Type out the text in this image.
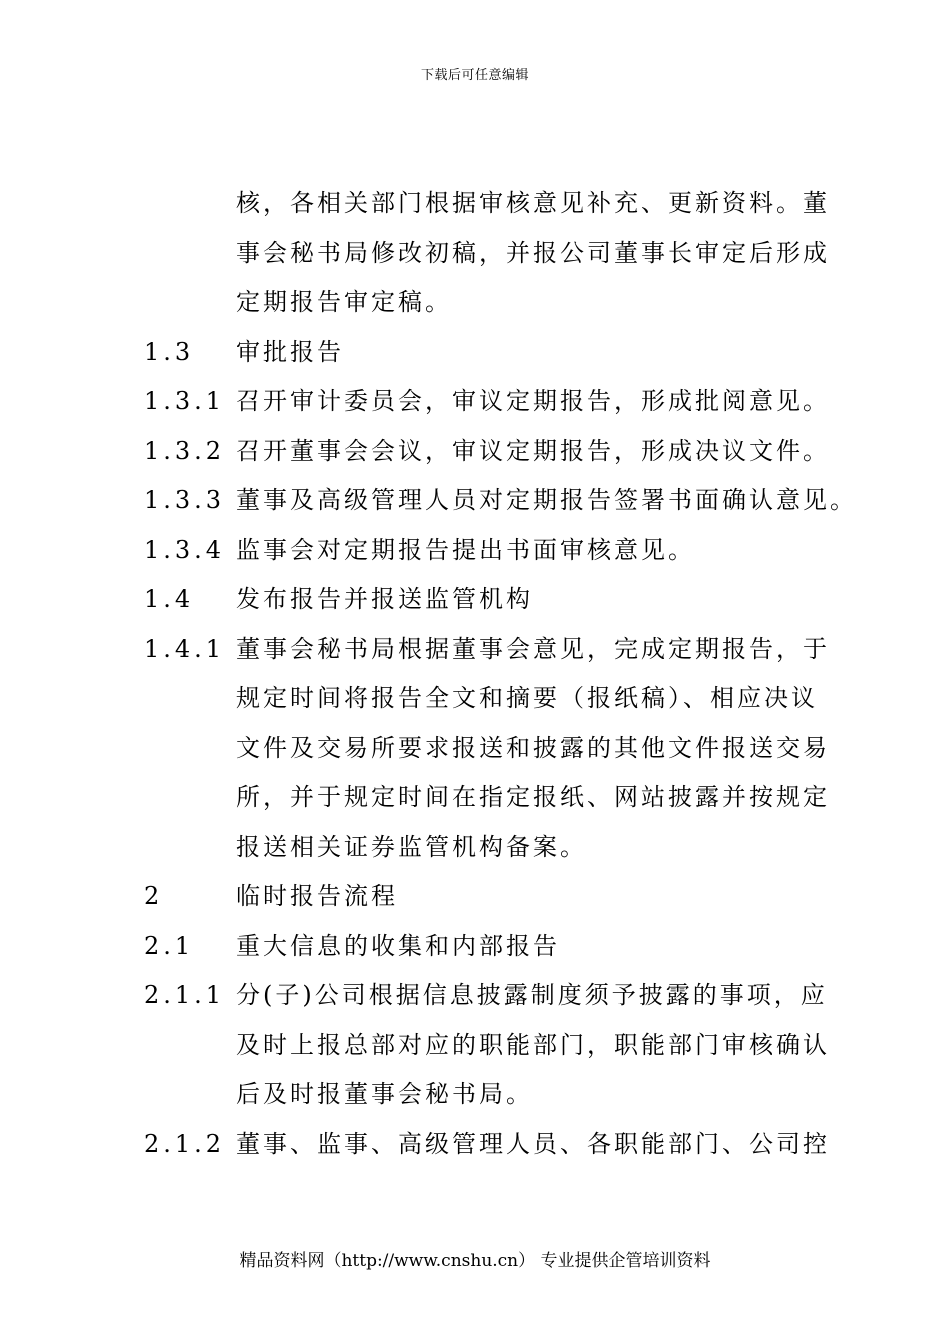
下载后可任意编辑
核，各相关部门根据审核意见补充、更新资料。董
事会秘书局修改初稿，并报公司董事长审定后形成
定期报告审定稿。
1.3 审批报告
1.3.1 召开审计委员会，审议定期报告，形成批阅意见。
1.3.2 召开董事会会议，审议定期报告，形成决议文件。
1.3.3 董事及高级管理人员对定期报告签署书面确认意见。
1.3.4 监事会对定期报告提出书面审核意见。
1.4 发布报告并报送监管机构
1.4.1 董事会秘书局根据董事会意见，完成定期报告，于
规定时间将报告全文和摘要（报纸稿）、相应决议
文件及交易所要求报送和披露的其他文件报送交易
所，并于规定时间在指定报纸、网站披露并按规定
报送相关证券监管机构备案。
2	临时报告流程
2.1 重大信息的收集和内部报告
2.1.1 分(子)公司根据信息披露制度须予披露的事项，应
及时上报总部对应的职能部门，职能部门审核确认
后及时报董事会秘书局。
2.1.2 董事、监事、高级管理人员、各职能部门、公司控
精品资料网（http://www.cnshu.cn） 专业提供企管培训资料
